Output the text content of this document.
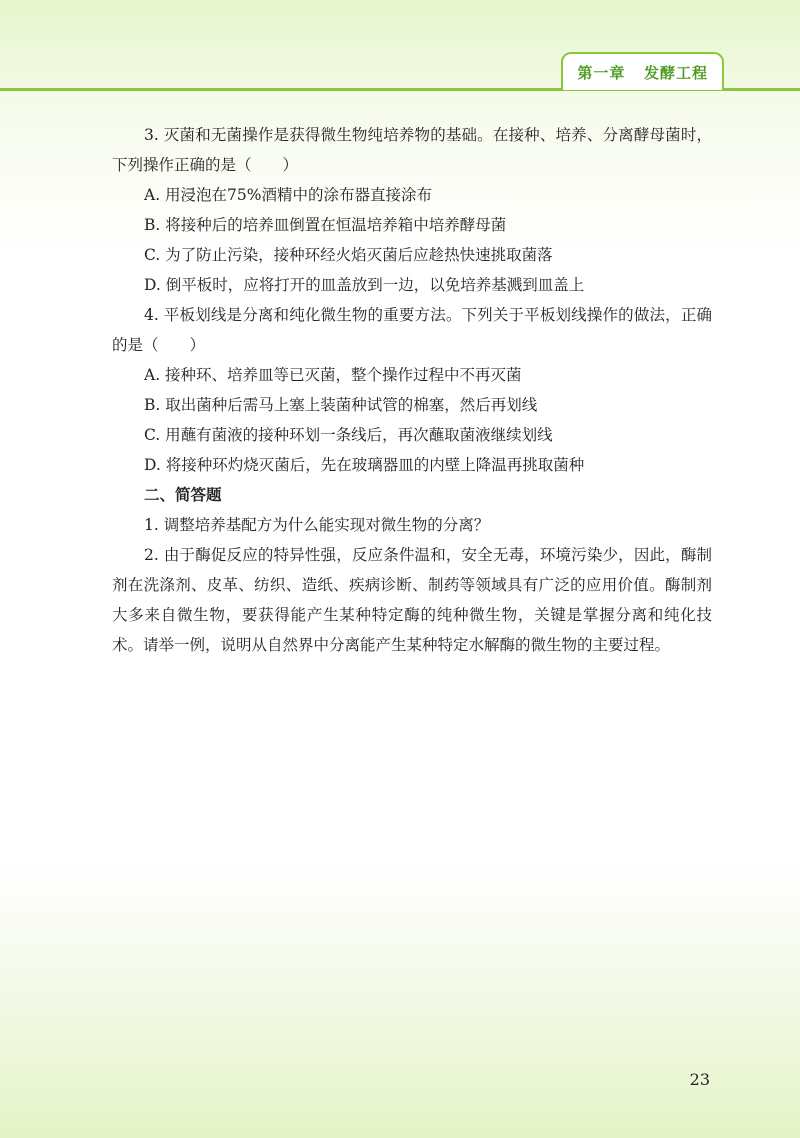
第一章   发酵工程

3. 灭菌和无菌操作是获得微生物纯培养物的基础。在接种、培养、分离酵母菌时，下列操作正确的是（　　）

A. 用浸泡在75%酒精中的涂布器直接涂布

B. 将接种后的培养皿倒置在恒温培养箱中培养酵母菌

C. 为了防止污染，接种环经火焰灭菌后应趁热快速挑取菌落

D. 倒平板时，应将打开的皿盖放到一边，以免培养基溅到皿盖上

4. 平板划线是分离和纯化微生物的重要方法。下列关于平板划线操作的做法，正确的是（　　）

A. 接种环、培养皿等已灭菌，整个操作过程中不再灭菌

B. 取出菌种后需马上塞上装菌种试管的棉塞，然后再划线

C. 用蘸有菌液的接种环划一条线后，再次蘸取菌液继续划线

D. 将接种环灼烧灭菌后，先在玻璃器皿的内壁上降温再挑取菌种

二、简答题

1. 调整培养基配方为什么能实现对微生物的分离？

2. 由于酶促反应的特异性强，反应条件温和，安全无毒，环境污染少，因此，酶制剂在洗涤剂、皮革、纺织、造纸、疾病诊断、制药等领域具有广泛的应用价值。酶制剂大多来自微生物，要获得能产生某种特定酶的纯种微生物，关键是掌握分离和纯化技术。请举一例，说明从自然界中分离能产生某种特定水解酶的微生物的主要过程。

23
